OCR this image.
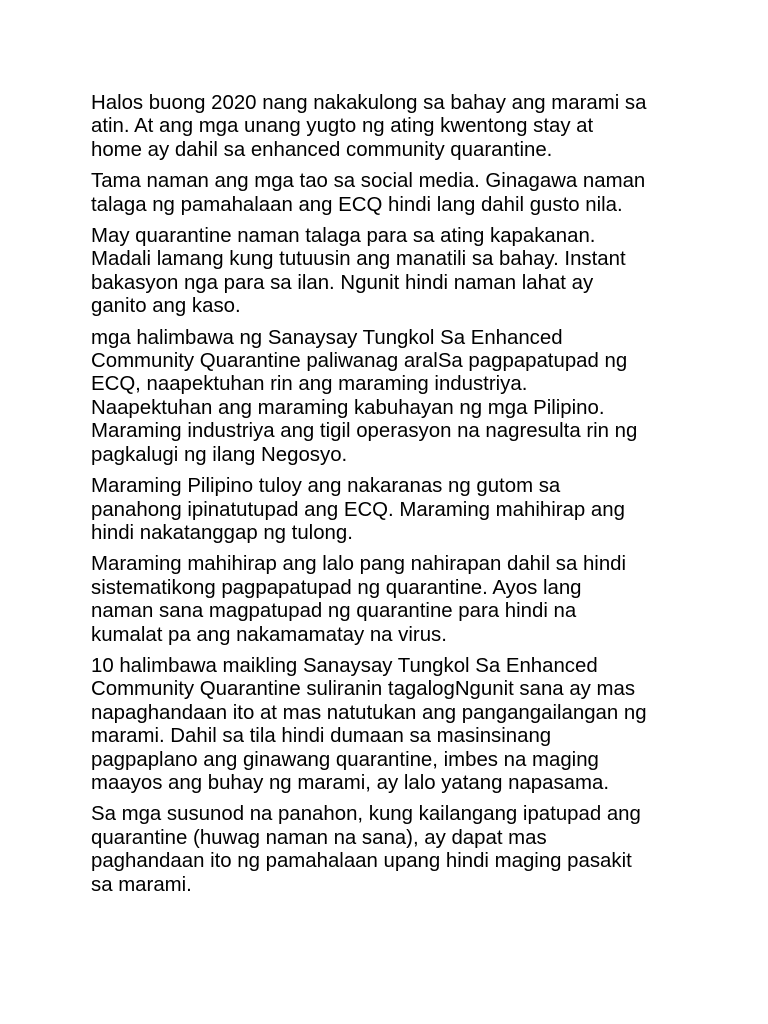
Halos buong 2020 nang nakakulong sa bahay ang marami sa
atin. At ang mga unang yugto ng ating kwentong stay at
home ay dahil sa enhanced community quarantine.

Tama naman ang mga tao sa social media. Ginagawa naman
talaga ng pamahalaan ang ECQ hindi lang dahil gusto nila.

May quarantine naman talaga para sa ating kapakanan.
Madali lamang kung tutuusin ang manatili sa bahay. Instant
bakasyon nga para sa ilan. Ngunit hindi naman lahat ay
ganito ang kaso.

mga halimbawa ng Sanaysay Tungkol Sa Enhanced
Community Quarantine paliwanag aralSa pagpapatupad ng
ECQ, naapektuhan rin ang maraming industriya.
Naapektuhan ang maraming kabuhayan ng mga Pilipino.
Maraming industriya ang tigil operasyon na nagresulta rin ng
pagkalugi ng ilang Negosyo.

Maraming Pilipino tuloy ang nakaranas ng gutom sa
panahong ipinatutupad ang ECQ. Maraming mahihirap ang
hindi nakatanggap ng tulong.

Maraming mahihirap ang lalo pang nahirapan dahil sa hindi
sistematikong pagpapatupad ng quarantine. Ayos lang
naman sana magpatupad ng quarantine para hindi na
kumalat pa ang nakamamatay na virus.

10 halimbawa maikling Sanaysay Tungkol Sa Enhanced
Community Quarantine suliranin tagalogNgunit sana ay mas
napaghandaan ito at mas natutukan ang pangangailangan ng
marami. Dahil sa tila hindi dumaan sa masinsinang
pagpaplano ang ginawang quarantine, imbes na maging
maayos ang buhay ng marami, ay lalo yatang napasama.

Sa mga susunod na panahon, kung kailangang ipatupad ang
quarantine (huwag naman na sana), ay dapat mas
paghandaan ito ng pamahalaan upang hindi maging pasakit
sa marami.
